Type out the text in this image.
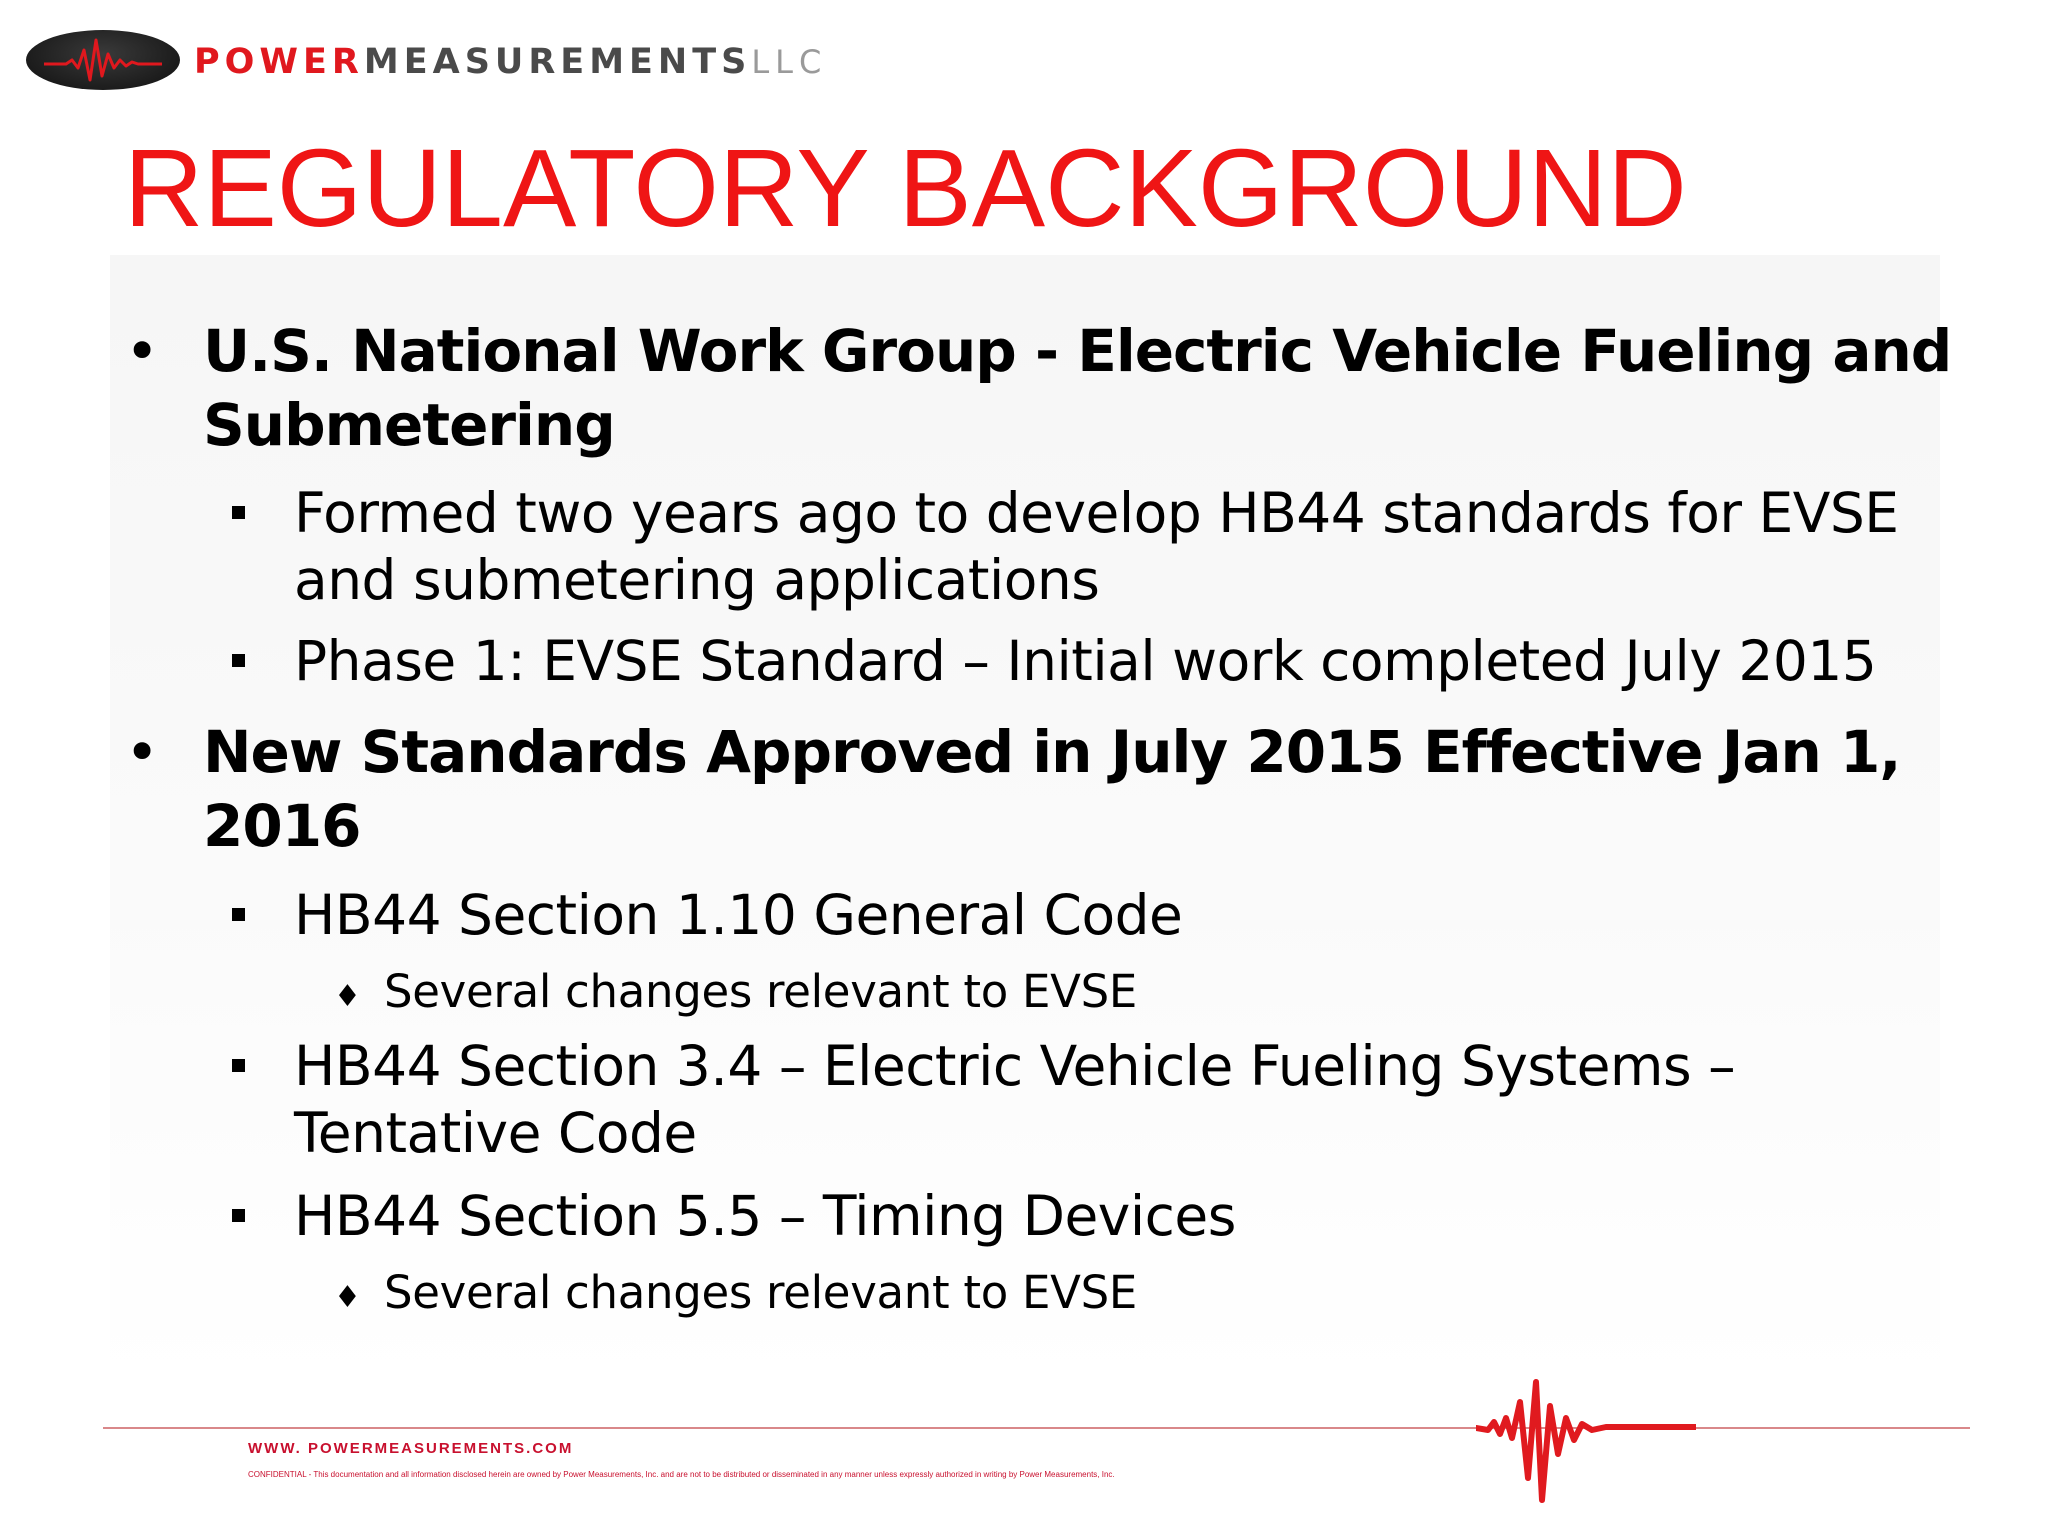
POWERMEASUREMENTSLLC
REGULATORY BACKGROUND
• U.S. National Work Group - Electric Vehicle Fueling and Submetering
Formed two years ago to develop HB44 standards for EVSE and submetering applications
Phase 1: EVSE Standard – Initial work completed July 2015
• New Standards Approved in July 2015 Effective Jan 1, 2016
HB44 Section 1.10 General Code
♦ Several changes relevant to EVSE
HB44 Section 3.4 – Electric Vehicle Fueling Systems – Tentative Code
HB44 Section 5.5 – Timing Devices
♦ Several changes relevant to EVSE
WWW. POWERMEASUREMENTS.COM
CONFIDENTIAL - This documentation and all information disclosed herein are owned by Power Measurements, Inc. and are not to be distributed or disseminated in any manner unless expressly authorized in writing by Power Measurements, Inc.
